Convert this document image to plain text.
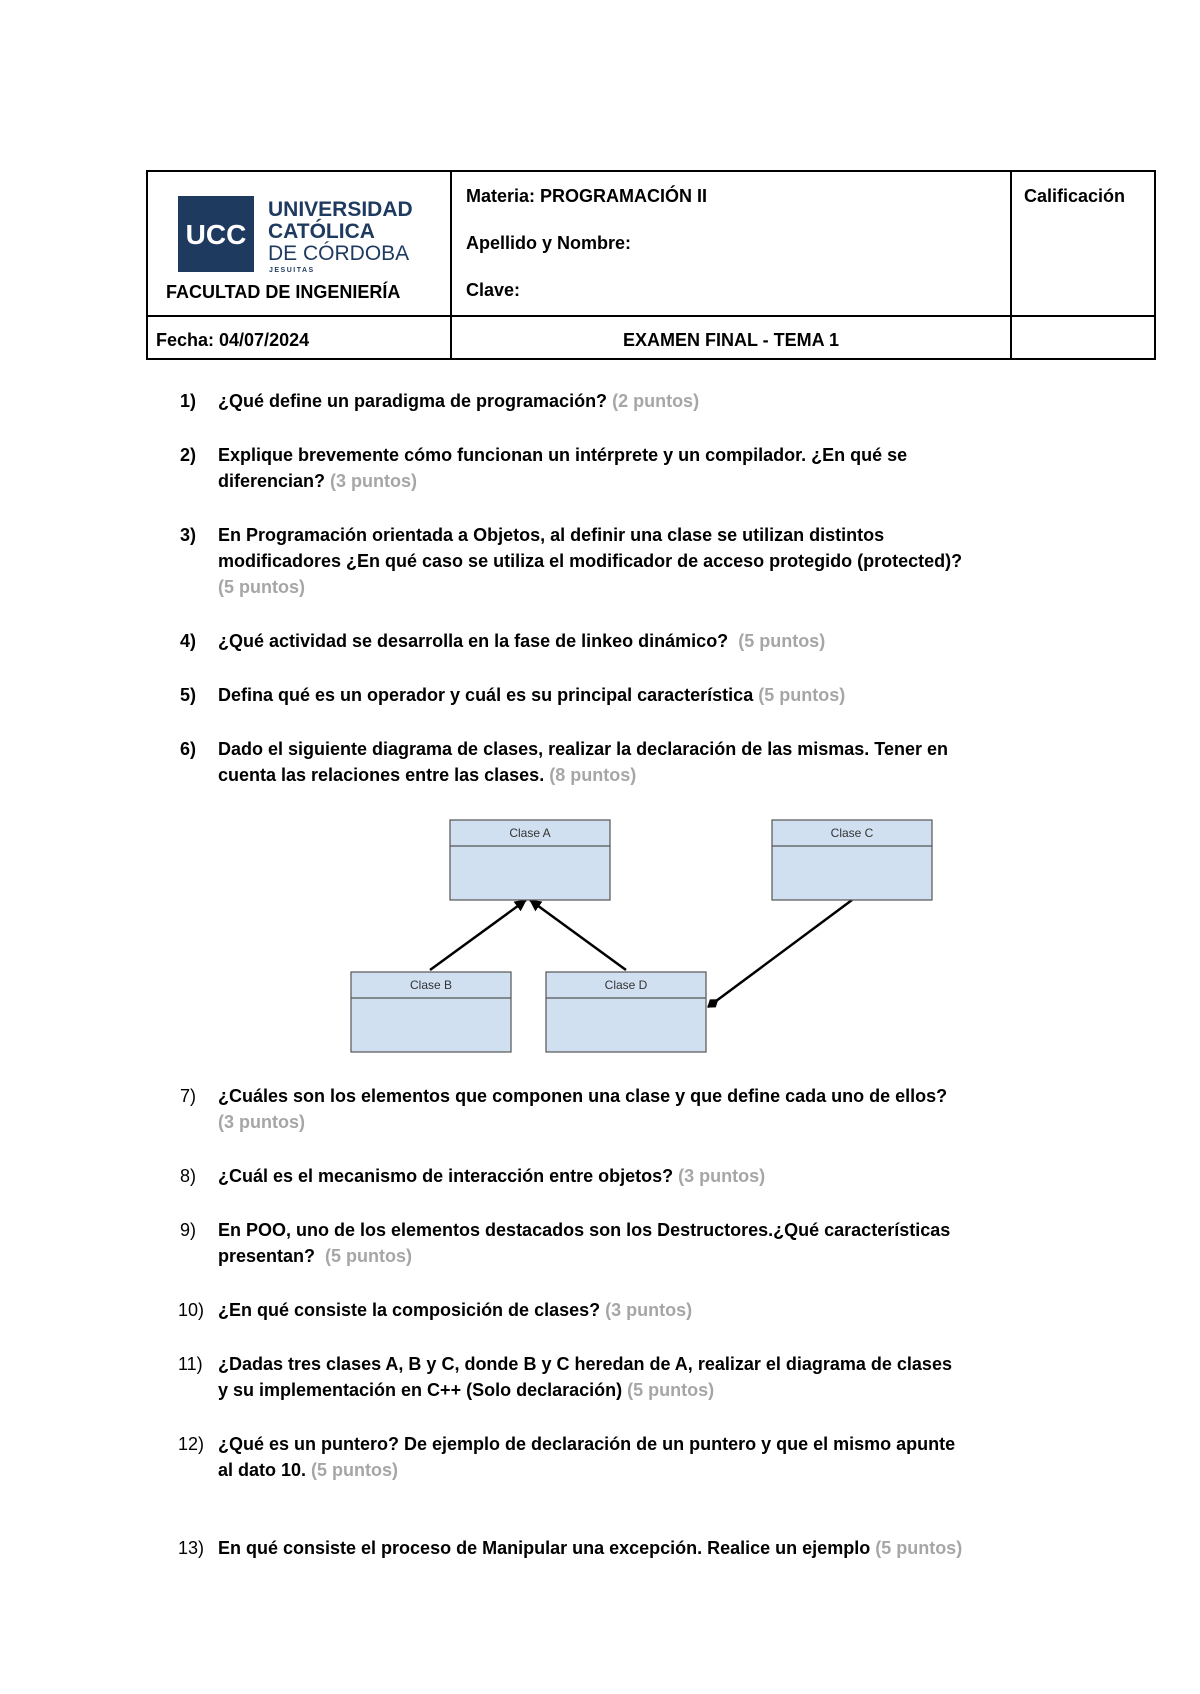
UCC
UNIVERSIDAD
CATÓLICA
DE CÓRDOBA
JESUITAS
FACULTAD DE INGENIERÍA
Materia: PROGRAMACIÓN II
Apellido y Nombre:
Clave:
Calificación
Fecha: 04/07/2024	EXAMEN FINAL - TEMA 1
1) ¿Qué define un paradigma de programación? (2 puntos)
2) Explique brevemente cómo funcionan un intérprete y un compilador. ¿En qué se
diferencian? (3 puntos)
3) En Programación orientada a Objetos, al definir una clase se utilizan distintos
modificadores ¿En qué caso se utiliza el modificador de acceso protegido (protected)?
(5 puntos)
4) ¿Qué actividad se desarrolla en la fase de linkeo dinámico? (5 puntos)
5) Defina qué es un operador y cuál es su principal característica (5 puntos)
6) Dado el siguiente diagrama de clases, realizar la declaración de las mismas. Tener en
cuenta las relaciones entre las clases. (8 puntos)
7) ¿Cuáles son los elementos que componen una clase y que define cada uno de ellos?
(3 puntos)
8) ¿Cuál es el mecanismo de interacción entre objetos? (3 puntos)
9) En POO, uno de los elementos destacados son los Destructores.¿Qué características
presentan? (5 puntos)
10) ¿En qué consiste la composición de clases? (3 puntos)
11) ¿Dadas tres clases A, B y C, donde B y C heredan de A, realizar el diagrama de clases
y su implementación en C++ (Solo declaración) (5 puntos)
12) ¿Qué es un puntero? De ejemplo de declaración de un puntero y que el mismo apunte
al dato 10. (5 puntos)
13) En qué consiste el proceso de Manipular una excepción. Realice un ejemplo (5 puntos)
Clase A	Clase C
Clase B	Clase D
